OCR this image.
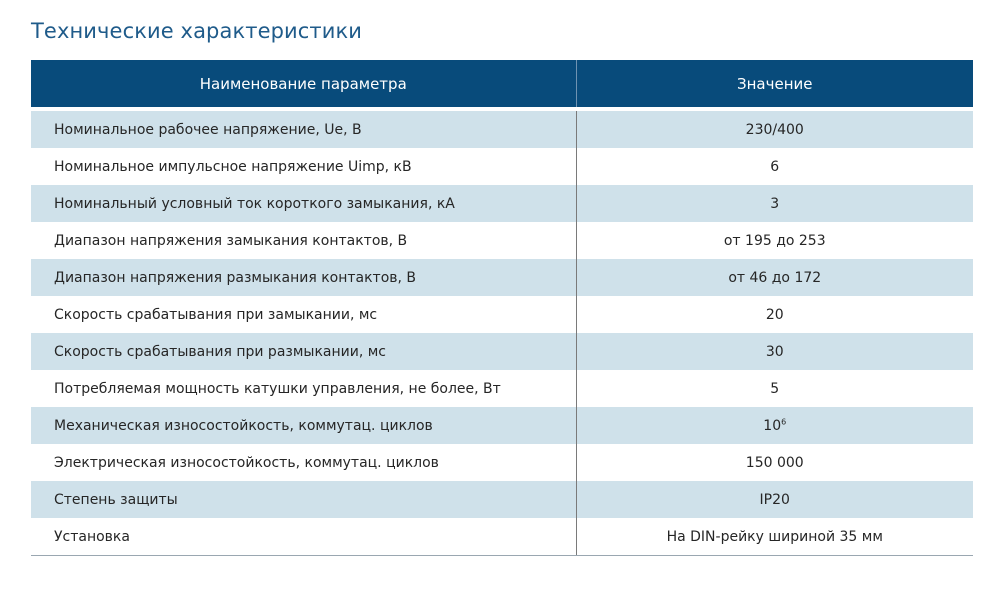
Технические характеристики
Наименование параметра	Значение
Номинальное рабочее напряжение, Ue, В	230/400
Номинальное импульсное напряжение Uimp, кВ	6
Номинальный условный ток короткого замыкания, кА	3
Диапазон напряжения замыкания контактов, В	от 195 до 253
Диапазон напряжения размыкания контактов, В	от 46 до 172
Скорость срабатывания при замыкании, мс	20
Скорость срабатывания при размыкании, мс	30
Потребляемая мощность катушки управления, не более, Вт	5
Механическая износостойкость, коммутац. циклов	$10^6$
Электрическая износостойкость, коммутац. циклов	150 000
Степень защиты	IP20
Установка	На DIN-рейку шириной 35 мм
